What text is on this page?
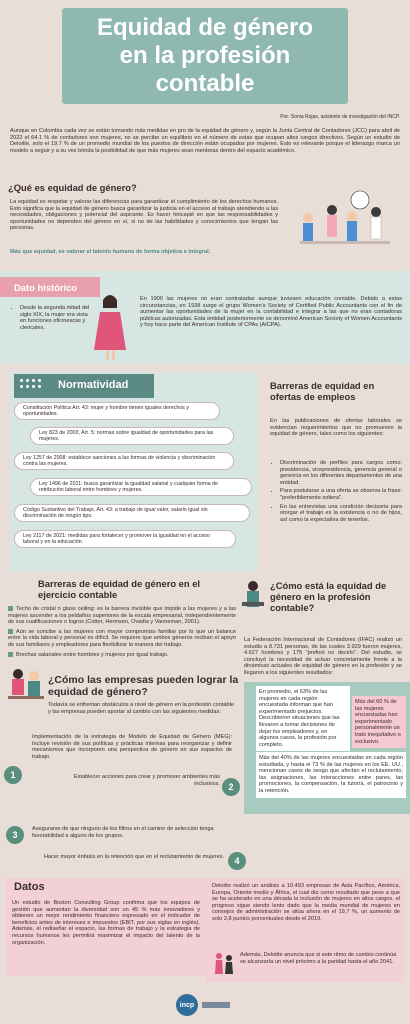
Equidad de género
en la profesión
contable
Por: Sonia Rojas, asistente de investigación del INCP.
Aunque en Colombia cada vez se están tomando más medidas en pro de la equidad de género y, según la Junta Central de Contadores (JCC) para abril de 2022 el 64.1 % de contadores son mujeres, no se percibe un equilibrio en el número de estas que ocupan altos cargos directivos. Según un estudio de Deloitte, solo el 19,7 % de un promedio mundial de los puestos de dirección están ocupados por mujeres. Esto es relevante porque el liderazgo marca un modelo a seguir y a su vez brinda la posibilidad de que más mujeres sean mentoras dentro del espacio académico.
¿Qué es equidad de género?
La equidad es respetar y valorar las diferencias para garantizar el cumplimiento de los derechos humanos. Esto significa que la equidad de género busca garantizar la justicia en el acceso al trabajo atendiendo a las necesidades, obligaciones y potencial del aspirante. Es hacer hincapié en que las responsabilidades y oportunidades no dependen del género en sí, si no de las habilidades y conocimientos que tengan las personas.
Más que equidad, es valorar el talento humano de forma objetiva e integral.
Dato histórico
• Desde la segunda mitad del siglo XIX, la mujer era vista en funciones oficinescas y clericales.
En 1900 las mujeres no eran contratadas aunque tuviesen educación contable. Debido a estas circunstancias, en 1938 surge el grupo Women's Society of Certified Public Accountants con el fin de aumentar las oportunidades de la mujer en la contabilidad e integrar a las que no eran contadoras públicas autorizadas. Esta entidad posteriormente se denominó American Society of Women Accountants y hoy hace parte del American Institute of CPAs (AICPA).
Normatividad
Constitución Política Art. 43: mujer y hombre tienen iguales derechos y oportunidades.
Ley 823 de 2003, Art. 5: normas sobre igualdad de oportunidades para las mujeres.
Ley 1257 de 2008: establece sanciones a las formas de violencia y discriminación contra las mujeres.
Ley 1496 de 2011: busca garantizar la igualdad salarial y cualquier forma de retribución laboral entre hombres y mujeres.
Código Sustantivo del Trabajo, Art. 43: a trabajo de igual valor, salario igual sin discriminación de ningún tipo.
Ley 2117 de 2021: medidas para fortalecer y promover la igualdad en el acceso laboral y en la educación.
Barreras de equidad en ofertas de empleos
En las publicaciones de ofertas laborales se evidencian requerimientos que no promueven la equidad de género, tales como los siguientes:
• Discriminación de perfiles para cargos como: presidencia, vicepresidencia, gerencia general o gerencia en los diferentes departamentos de una entidad.
• Para postularse a una oferta se observa la frase: "preferiblemente soltera".
• En las entrevistas una condición decisoria para otorgar el trabajo es la existencia o no de hijos, así como la expectativa de tenerlos.
Barreras de equidad de género en el ejercicio contable
Techo de cristal o glass ceiling: es la barrera invisible que impide a las mujeres y a las mujeres ascender a los peldaños superiores de la escala empresarial, independientemente de sus cualificaciones o logros (Cotter, Hermsen, Ovadia y Vanneman, 2001).
Aún se concibe a las mujeres con mayor compromiso familiar por lo que un balance entre la vida laboral y personal es difícil. Se requiere que ambos géneros reciban el apoyo de sus familiares y empleadores para flexibilizar la manera del trabajo.
Brechas salariales entre hombres y mujeres por igual trabajo.
¿Cómo está la equidad de género en la profesión contable?
La Federación Internacional de Contadores (IFAC) realizó un estudio a 8.731 personas, de las cuales 3.929 fueron mujeres, 4.627 hombres y 175 "prefirió no decirlo". Del estudio, se concluyó la necesidad de actuar concretamente frente a la dinámicas actuales de equidad de género en la profesión y se llegaron a los siguientes resultados:
En promedio, el 63% de las mujeres en cada región encuestada informan que han experimentado prejuicios. Describieron situaciones que las llevaron a tomar decisiones de dejar los empleadores y, en algunos casos, la profesión por completo.
Más del 60 % de las mujeres encuestadas han experimentado personalmente un trato inequitativo o exclusivo.
Más del 40% de las mujeres encuestadas en cada región estudiada, y hasta el 73 % de las mujeres en los EE. UU., mencionan casos de sesgo que afectan el reclutamiento, las asignaciones, las interacciones entre pares, las promociones, la compensación, la tutoría, el patrocinio y la retención.
¿Cómo las empresas pueden lograr la equidad de género?
Todavía se enfrentan obstáculos a nivel de género en la profesión contable y las empresas pueden aportar al cambio con las siguientes medidas:
1
Implementación de la estrategia de Modelo de Equidad de Género (MEG): Incluye revisión de sus políticas y prácticas internas para reorganizar y definir mecanismos que incorporen una perspectiva de género en sus espacios de trabajo.
2
Establecer acciones para crear y promover ambientes más inclusivos.
3
Asegurarse de que ninguno de los filtros en el camino de selección tenga favorabilidad a alguno de los grupos.
4
Hacer mayor énfasis en la retención que en el reclutamiento de mujeres.
Datos
Un estudio de Boston Consulting Group confirma que los equipos de gestión que aumentan la diversidad son un 45 % más innovadores y obtienen un mejor rendimiento financiero expresado en el indicador de beneficios antes de intereses e impuestos (EBIT, por sus siglas en inglés). Además, el rediseñar el espacio, las formas de trabajo y la estrategia de recursos humanos les permitirá maximizar el impacto del talento de la organización.
Deloitte realizó un análisis a 10.493 empresas de Asia Pacífico, América, Europa, Oriente medio y África, el cual dio como resultado que pese a que se ha acelerado en una década la inclusión de mujeres en altos cargos, el progreso sigue siendo lento dado que la media mundial de mujeres en consejos de administración se sitúa ahora en el 19,7 %, un aumento de solo 2,8 puntos porcentuales desde el 2019.
Además, Deloitte anuncia que si este ritmo de cambio continúa se alcanzaría un nivel próximo a la paridad hasta el año 2041.
incp
